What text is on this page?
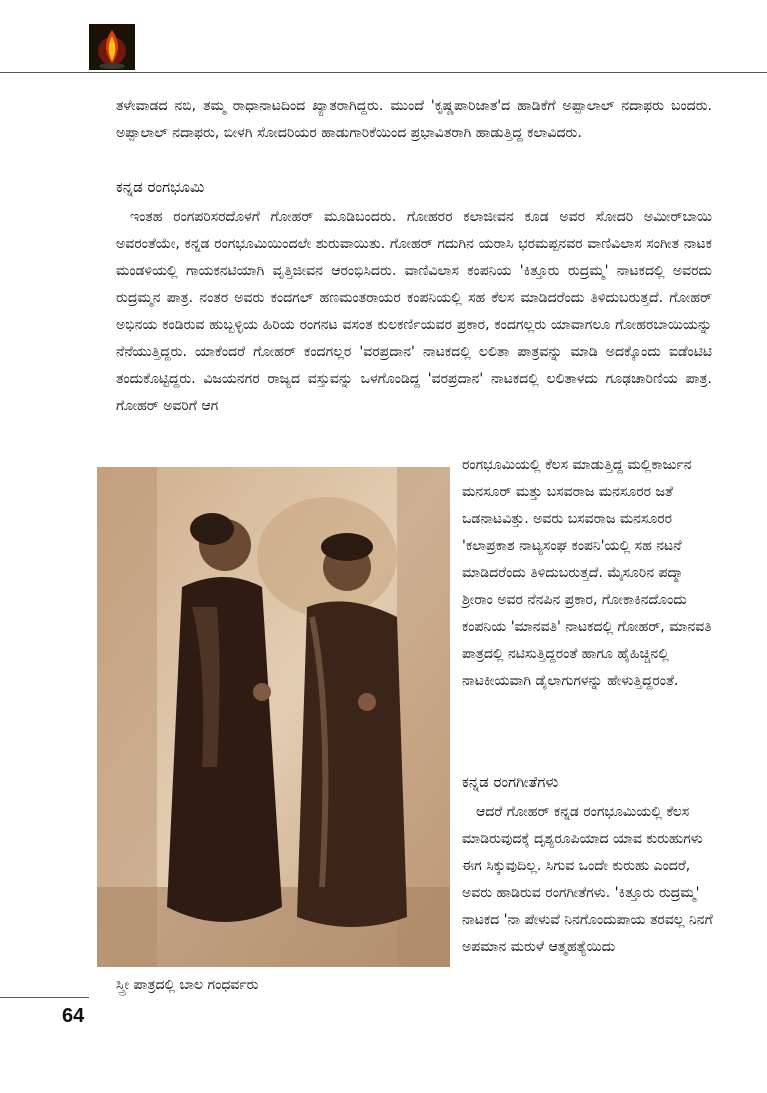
ತಳೇವಾಡದ ನಬಿ, ತಮ್ಮ ರಾಧಾನಾಟದಿಂದ ಖ್ಯಾತರಾಗಿದ್ದರು. ಮುಂದೆ 'ಕೃಷ್ಣಪಾರಿಜಾತ'ದ ಹಾಡಿಕೆಗೆ ಅಪ್ಪಾಲಾಲ್ ನದಾಫರು ಬಂದರು. ಅಪ್ಪಾಲಾಲ್ ನದಾಫರು, ಬೀಳಗಿ ಸೋದರಿಯರ ಹಾಡುಗಾರಿಕೆಯಿಂದ ಪ್ರಭಾವಿತರಾಗಿ ಹಾಡುತ್ತಿದ್ದ ಕಲಾವಿದರು.

ಕನ್ನಡ ರಂಗಭೂಮಿ

ಇಂತಹ ರಂಗಪರಿಸರದೊಳಗೆ ಗೋಹರ್ ಮೂಡಿಬಂದರು. ಗೋಹರರ ಕಲಾಜೀವನ ಕೂಡ ಅವರ ಸೋದರಿ ಅಮೀರ್‌ಬಾಯಿ ಅವರಂತೆಯೇ, ಕನ್ನಡ ರಂಗಭೂಮಿಯಿಂದಲೇ ಶುರುವಾಯಿತು. ಗೋಹರ್ ಗದುಗಿನ ಯರಾಸಿ ಭರಮಪ್ಪನವರ ವಾಣಿವಿಲಾಸ ಸಂಗೀತ ನಾಟಕ ಮಂಡಳಿಯಲ್ಲಿ ಗಾಯಕನಟಿಯಾಗಿ ವೃತ್ತಿಜೀವನ ಆರಂಭಿಸಿದರು. ವಾಣಿವಿಲಾಸ ಕಂಪನಿಯ 'ಕಿತ್ತೂರು ರುದ್ರಮ್ಮ' ನಾಟಕದಲ್ಲಿ ಅವರದು ರುದ್ರಮ್ಮನ ಪಾತ್ರ. ನಂತರ ಅವರು ಕಂದಗಲ್ ಹಣಮಂತರಾಯರ ಕಂಪನಿಯಲ್ಲಿ ಸಹ ಕೆಲಸ ಮಾಡಿದರೆಂದು ತಿಳಿದುಬರುತ್ತದೆ. ಗೋಹರ್ ಅಭಿನಯ ಕಂಡಿರುವ ಹುಬ್ಬಳ್ಳಿಯ ಹಿರಿಯ ರಂಗನಟ ವಸಂತ ಕುಲಕರ್ಣಿಯವರ ಪ್ರಕಾರ, ಕಂದಗಲ್ಲರು ಯಾವಾಗಲೂ ಗೋಹರಬಾಯಿಯನ್ನು ನೆನೆಯುತ್ತಿದ್ದರು. ಯಾಕೆಂದರೆ ಗೋಹರ್ ಕಂದಗಲ್ಲರ 'ವರಪ್ರದಾನ' ನಾಟಕದಲ್ಲಿ ಲಲಿತಾ ಪಾತ್ರವನ್ನು ಮಾಡಿ ಅದಕ್ಕೊಂದು ಐಡೆಂಟಿಟಿ ತಂದುಕೊಟ್ಟಿದ್ದರು. ವಿಜಯನಗರ ರಾಜ್ಯದ ವಸ್ತುವನ್ನು ಒಳಗೊಂಡಿದ್ದ 'ವರಪ್ರದಾನ' ನಾಟಕದಲ್ಲಿ ಲಲಿತಾಳದು ಗೂಢಚಾರಿಣಿಯ ಪಾತ್ರ. ಗೋಹರ್ ಅವರಿಗೆ ಆಗ

ಸ್ತ್ರೀ ಪಾತ್ರದಲ್ಲಿ ಬಾಲ ಗಂಧರ್ವರು

ರಂಗಭೂಮಿಯಲ್ಲಿ ಕೆಲಸ ಮಾಡುತ್ತಿದ್ದ ಮಲ್ಲಿಕಾರ್ಜುನ ಮನಸೂರ್ ಮತ್ತು ಬಸವರಾಜ ಮನಸೂರರ ಜತೆ ಒಡನಾಟವಿತ್ತು. ಅವರು ಬಸವರಾಜ ಮನಸೂರರ 'ಕಲಾಪ್ರಕಾಶ ನಾಟ್ಯಸಂಘ ಕಂಪನಿ'ಯಲ್ಲಿ ಸಹ ನಟನೆ ಮಾಡಿದರೆಂದು ತಿಳಿದುಬರುತ್ತದೆ. ಮೈಸೂರಿನ ಪದ್ಮಾ ಶ್ರೀರಾಂ ಅವರ ನೆನಪಿನ ಪ್ರಕಾರ, ಗೋಕಾಕಿನದೊಂದು ಕಂಪನಿಯ 'ಮಾನವತಿ' ನಾಟಕದಲ್ಲಿ ಗೋಹರ್, ಮಾನವತಿ ಪಾತ್ರದಲ್ಲಿ ನಟಿಸುತ್ತಿದ್ದರಂತೆ ಹಾಗೂ ಹೈಹಿಚ್ಚಿನಲ್ಲಿ ನಾಟಕೀಯವಾಗಿ ಡೈಲಾಗುಗಳನ್ನು ಹೇಳುತ್ತಿದ್ದರಂತೆ.

ಕನ್ನಡ ರಂಗಗೀತೆಗಳು

ಆದರೆ ಗೋಹರ್ ಕನ್ನಡ ರಂಗಭೂಮಿಯಲ್ಲಿ ಕೆಲಸ ಮಾಡಿರುವುದಕ್ಕೆ ದೃಶ್ಯರೂಪಿಯಾದ ಯಾವ ಕುರುಹುಗಳು ಈಗ ಸಿಕ್ಕುವುದಿಲ್ಲ. ಸಿಗುವ ಒಂದೇ ಕುರುಹು ಎಂದರೆ, ಅವರು ಹಾಡಿರುವ ರಂಗಗೀತೆಗಳು. 'ಕಿತ್ತೂರು ರುದ್ರಮ್ಮ' ನಾಟಕದ 'ನಾ ಪೇಳುವೆ ನಿನಗೊಂದುಪಾಯ ತರವಲ್ಲ ನಿನಗೆ ಅಪಮಾನ ಮರುಳೆ ಆತ್ಮಹತ್ಯೆಯಿದು

64
